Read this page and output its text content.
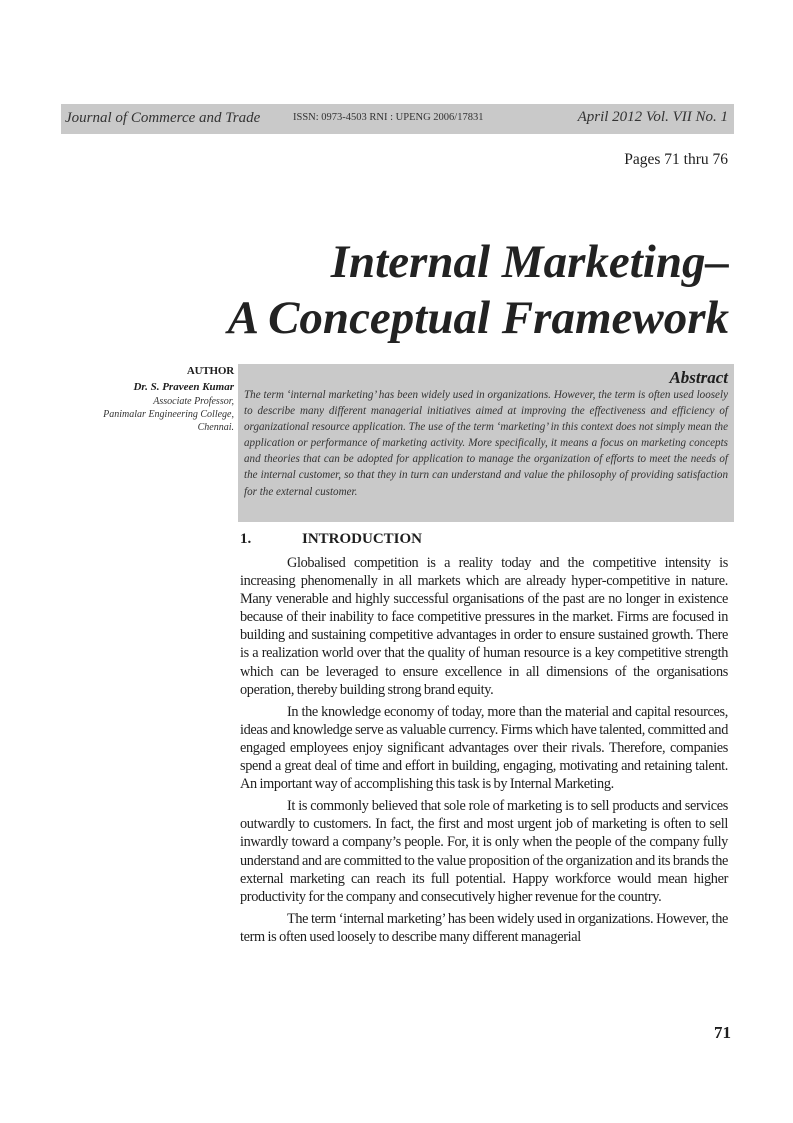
Journal of Commerce and Trade	ISSN: 0973-4503 RNI : UPENG 2006/17831	April 2012 Vol. VII No. 1
Pages 71 thru 76
Internal Marketing–
A Conceptual Framework
AUTHOR
Dr. S. Praveen Kumar
Associate Professor,
Panimalar Engineering College,
Chennai.
Abstract
The term ‘internal marketing’ has been widely used in organizations. However, the term is often used loosely to describe many different managerial initiatives aimed at improving the effectiveness and efficiency of organizational resource application. The use of the term ‘marketing’ in this context does not simply mean the application or performance of marketing activity. More specifically, it means a focus on marketing concepts and theories that can be adopted for application to manage the organization of efforts to meet the needs of the internal customer, so that they in turn can understand and value the philosophy of providing satisfaction for the external customer.
1.	INTRODUCTION

Globalised competition is a reality today and the competitive intensity is increasing phenomenally in all markets which are already hyper-competitive in nature. Many venerable and highly successful organisations of the past are no longer in existence because of their inability to face competitive pressures in the market. Firms are focused in building and sustaining competitive advantages in order to ensure sustained growth. There is a realization world over that the quality of human resource is a key competitive strength which can be leveraged to ensure excellence in all dimensions of the organisations operation, thereby building strong brand equity.

In the knowledge economy of today, more than the material and capital resources, ideas and knowledge serve as valuable currency. Firms which have talented, committed and engaged employees enjoy significant advantages over their rivals. Therefore, companies spend a great deal of time and effort in building, engaging, motivating and retaining talent. An important way of accomplishing this task is by Internal Marketing.

It is commonly believed that sole role of marketing is to sell products and services outwardly to customers. In fact, the first and most urgent job of marketing is often to sell inwardly toward a company’s people. For, it is only when the people of the company fully understand and are committed to the value proposition of the organization and its brands the external marketing can reach its full potential. Happy workforce would mean higher productivity for the company and consecutively higher revenue for the country.

The term ‘internal marketing’ has been widely used in organizations. However, the term is often used loosely to describe many different managerial

71
